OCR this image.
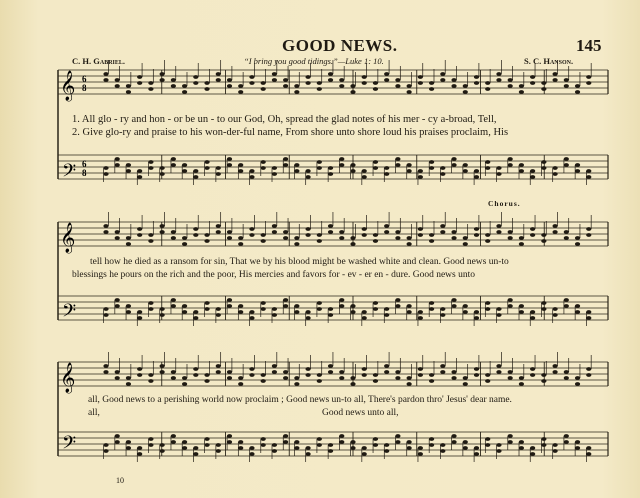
GOOD NEWS.	145
C. H. Gabriel.	“I bring you good tidings.”—Luke 1: 10.	S. C. Hanson.
𝄞
𝄢
𝄞
𝄢
𝄞
𝄢
6
8
6
8
1. All glo - ry and hon - or be un - to our God, Oh, spread the glad notes of his mer - cy a-broad, Tell,
2. Give glo-ry and praise to his won-der-ful name, From shore unto shore loud his praises proclaim, His
Chorus.
tell how he died as a ransom for sin, That we by his blood might be washed white and clean. Good news un-to
blessings he pours on the rich and the poor, His mercies and favors for - ev - er en - dure. Good news unto
all, Good news to a perishing world now proclaim ; Good news un-to all, There's pardon thro' Jesus' dear name.
all,	Good news unto all,
10
